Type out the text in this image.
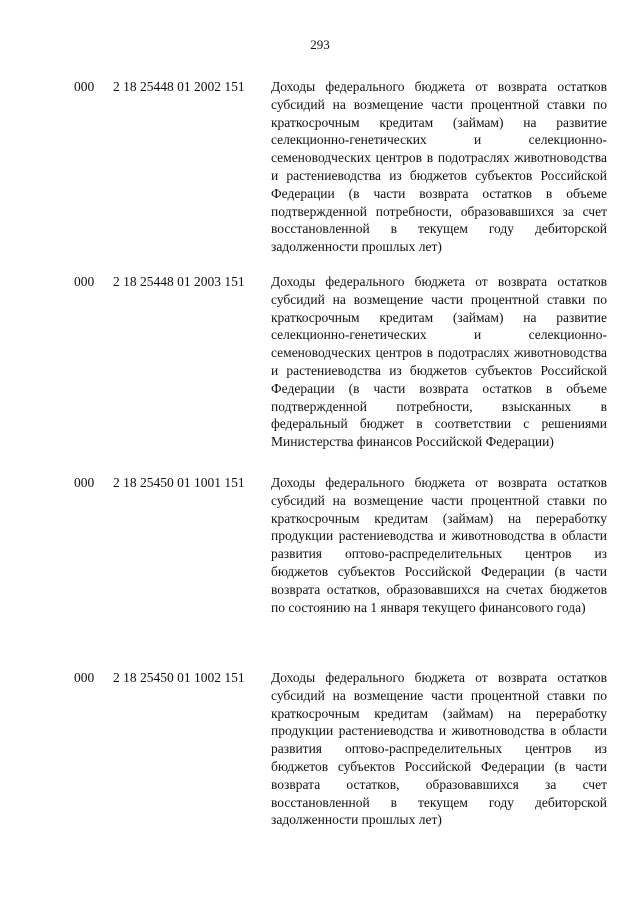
293
000 2 18 25448 01 2002 151 Доходы федерального бюджета от возврата остатков субсидий на возмещение части процентной ставки по краткосрочным кредитам (займам) на развитие селекционно-генетических и селекционно-семеноводческих центров в подотраслях животноводства и растениеводства из бюджетов субъектов Российской Федерации (в части возврата остатков в объеме подтвержденной потребности, образовавшихся за счет восстановленной в текущем году дебиторской задолженности прошлых лет)
000 2 18 25448 01 2003 151 Доходы федерального бюджета от возврата остатков субсидий на возмещение части процентной ставки по краткосрочным кредитам (займам) на развитие селекционно-генетических и селекционно-семеноводческих центров в подотраслях животноводства и растениеводства из бюджетов субъектов Российской Федерации (в части возврата остатков в объеме подтвержденной потребности, взысканных в федеральный бюджет в соответствии с решениями Министерства финансов Российской Федерации)
000 2 18 25450 01 1001 151 Доходы федерального бюджета от возврата остатков субсидий на возмещение части процентной ставки по краткосрочным кредитам (займам) на переработку продукции растениеводства и животноводства в области развития оптово-распределительных центров из бюджетов субъектов Российской Федерации (в части возврата остатков, образовавшихся на счетах бюджетов по состоянию на 1 января текущего финансового года)
000 2 18 25450 01 1002 151 Доходы федерального бюджета от возврата остатков субсидий на возмещение части процентной ставки по краткосрочным кредитам (займам) на переработку продукции растениеводства и животноводства в области развития оптово-распределительных центров из бюджетов субъектов Российской Федерации (в части возврата остатков, образовавшихся за счет восстановленной в текущем году дебиторской задолженности прошлых лет)
